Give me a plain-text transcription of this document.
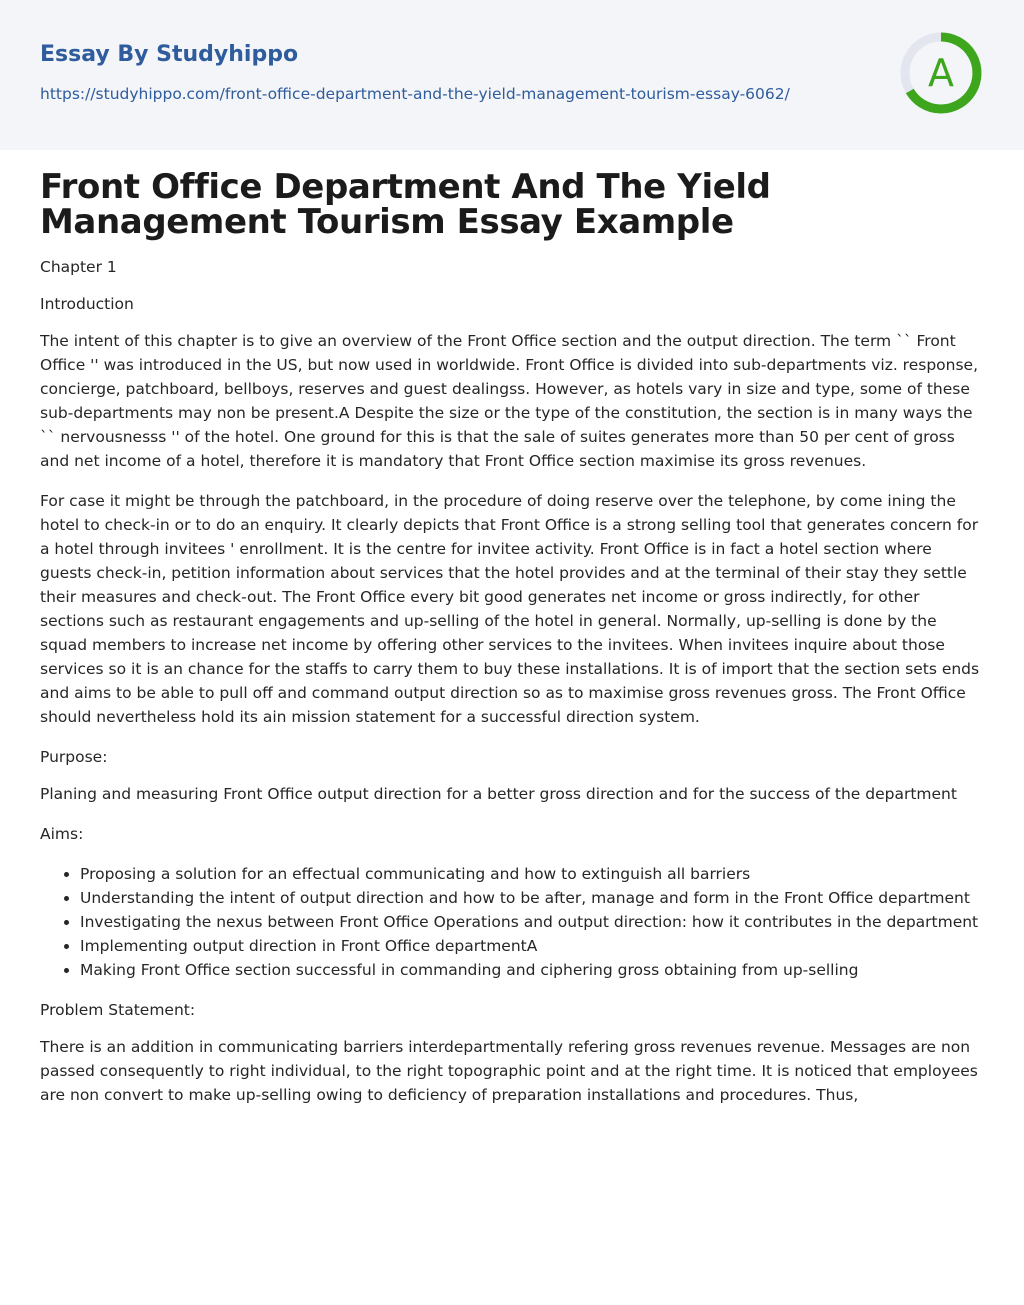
Essay By Studyhippo
https://studyhippo.com/front-office-department-and-the-yield-management-tourism-essay-6062/	A
Front Office Department And The Yield Management Tourism Essay Example

Chapter 1

Introduction

The intent of this chapter is to give an overview of the Front Office section and the output direction. The term `` Front Office '' was introduced in the US, but now used in worldwide. Front Office is divided into sub-departments viz. response, concierge, patchboard, bellboys, reserves and guest dealingss. However, as hotels vary in size and type, some of these sub-departments may non be present.A Despite the size or the type of the constitution, the section is in many ways the `` nervousnesss '' of the hotel. One ground for this is that the sale of suites generates more than 50 per cent of gross and net income of a hotel, therefore it is mandatory that Front Office section maximise its gross revenues.

For case it might be through the patchboard, in the procedure of doing reserve over the telephone, by come ining the hotel to check-in or to do an enquiry. It clearly depicts that Front Office is a strong selling tool that generates concern for a hotel through invitees ' enrollment. It is the centre for invitee activity. Front Office is in fact a hotel section where guests check-in, petition information about services that the hotel provides and at the terminal of their stay they settle their measures and check-out. The Front Office every bit good generates net income or gross indirectly, for other sections such as restaurant engagements and up-selling of the hotel in general. Normally, up-selling is done by the squad members to increase net income by offering other services to the invitees. When invitees inquire about those services so it is an chance for the staffs to carry them to buy these installations. It is of import that the section sets ends and aims to be able to pull off and command output direction so as to maximise gross revenues gross. The Front Office should nevertheless hold its ain mission statement for a successful direction system.

Purpose:

Planing and measuring Front Office output direction for a better gross direction and for the success of the department

Aims:

• Proposing a solution for an effectual communicating and how to extinguish all barriers
• Understanding the intent of output direction and how to be after, manage and form in the Front Office department
• Investigating the nexus between Front Office Operations and output direction: how it contributes in the department
• Implementing output direction in Front Office departmentA
• Making Front Office section successful in commanding and ciphering gross obtaining from up-selling

Problem Statement:

There is an addition in communicating barriers interdepartmentally refering gross revenues revenue. Messages are non passed consequently to right individual, to the right topographic point and at the right time. It is noticed that employees are non convert to make up-selling owing to deficiency of preparation installations and procedures. Thus,
